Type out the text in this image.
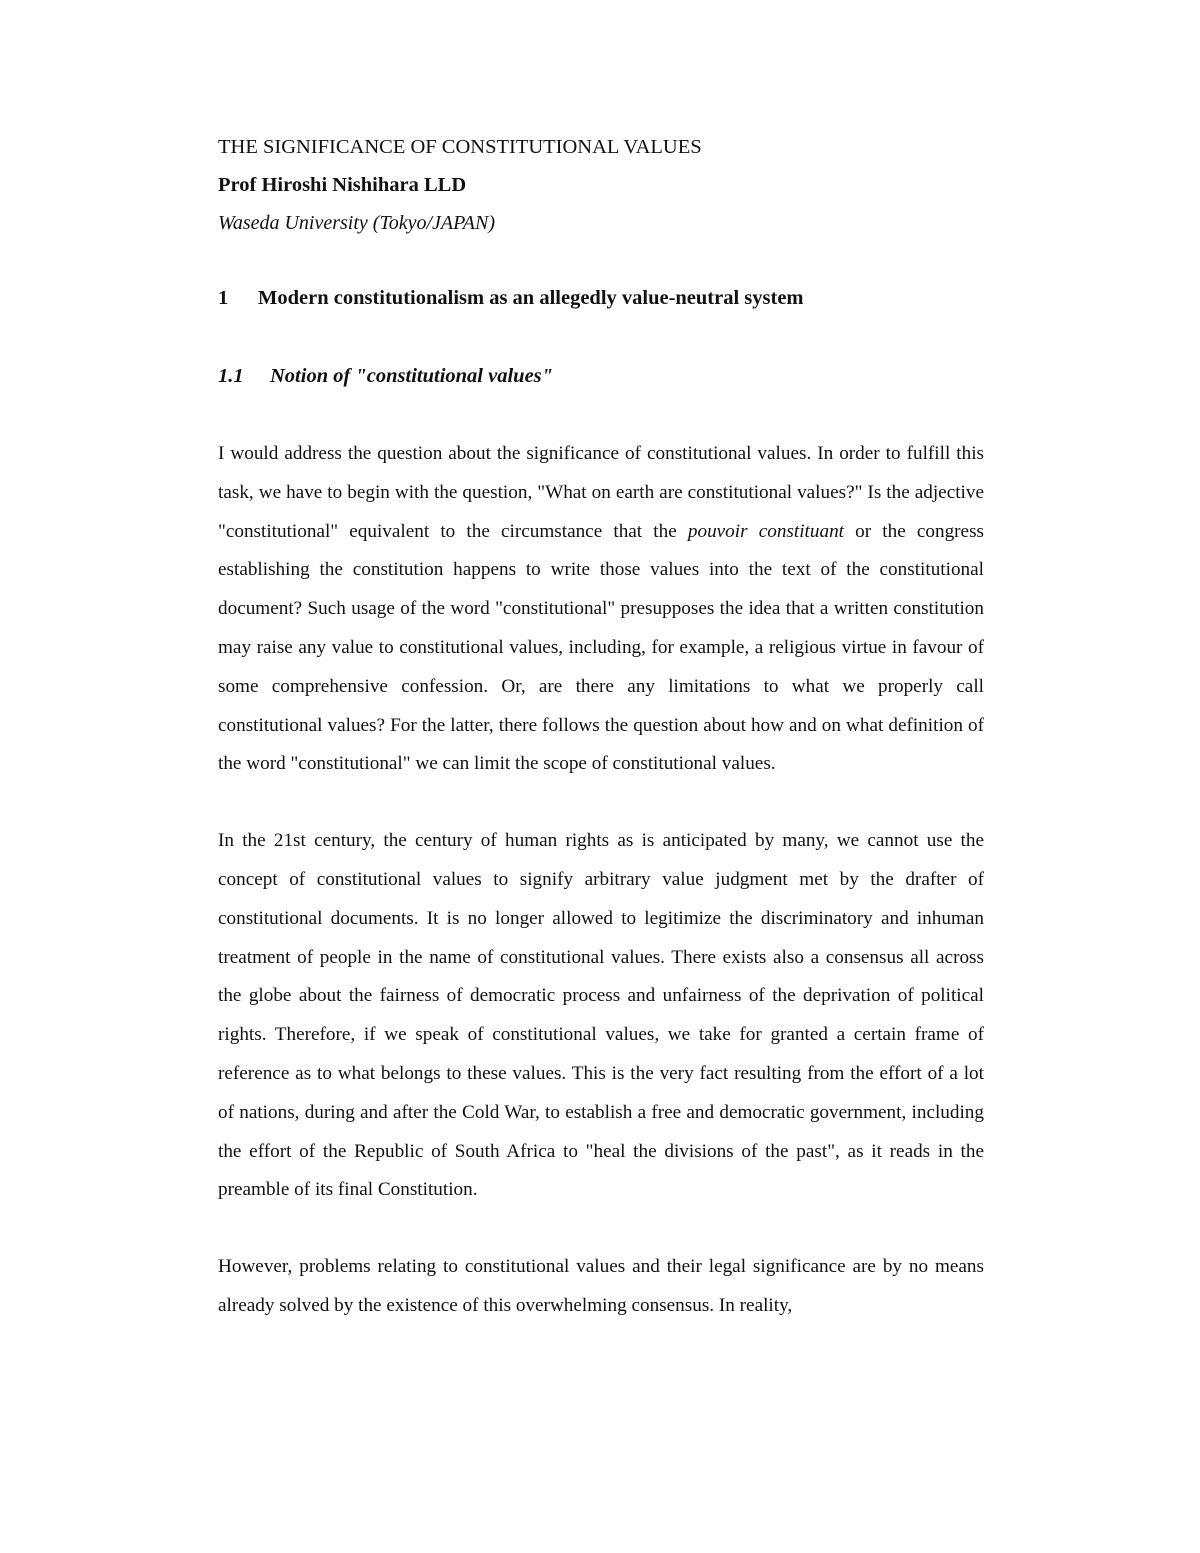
THE SIGNIFICANCE OF CONSTITUTIONAL VALUES

Prof Hiroshi Nishihara LLD

Waseda University (Tokyo/JAPAN)

1	Modern constitutionalism as an allegedly value-neutral system
1.1	Notion of "constitutional values"

I would address the question about the significance of constitutional values. In order to fulfill this task, we have to begin with the question, "What on earth are constitutional values?" Is the adjective "constitutional" equivalent to the circumstance that the pouvoir constituant or the congress establishing the constitution happens to write those values into the text of the constitutional document? Such usage of the word "constitutional" presupposes the idea that a written constitution may raise any value to constitutional values, including, for example, a religious virtue in favour of some comprehensive confession. Or, are there any limitations to what we properly call constitutional values? For the latter, there follows the question about how and on what definition of the word "constitutional" we can limit the scope of constitutional values.

In the 21st century, the century of human rights as is anticipated by many, we cannot use the concept of constitutional values to signify arbitrary value judgment met by the drafter of constitutional documents. It is no longer allowed to legitimize the discriminatory and inhuman treatment of people in the name of constitutional values. There exists also a consensus all across the globe about the fairness of democratic process and unfairness of the deprivation of political rights. Therefore, if we speak of constitutional values, we take for granted a certain frame of reference as to what belongs to these values. This is the very fact resulting from the effort of a lot of nations, during and after the Cold War, to establish a free and democratic government, including the effort of the Republic of South Africa to "heal the divisions of the past", as it reads in the preamble of its final Constitution.

However, problems relating to constitutional values and their legal significance are by no means already solved by the existence of this overwhelming consensus. In reality,
